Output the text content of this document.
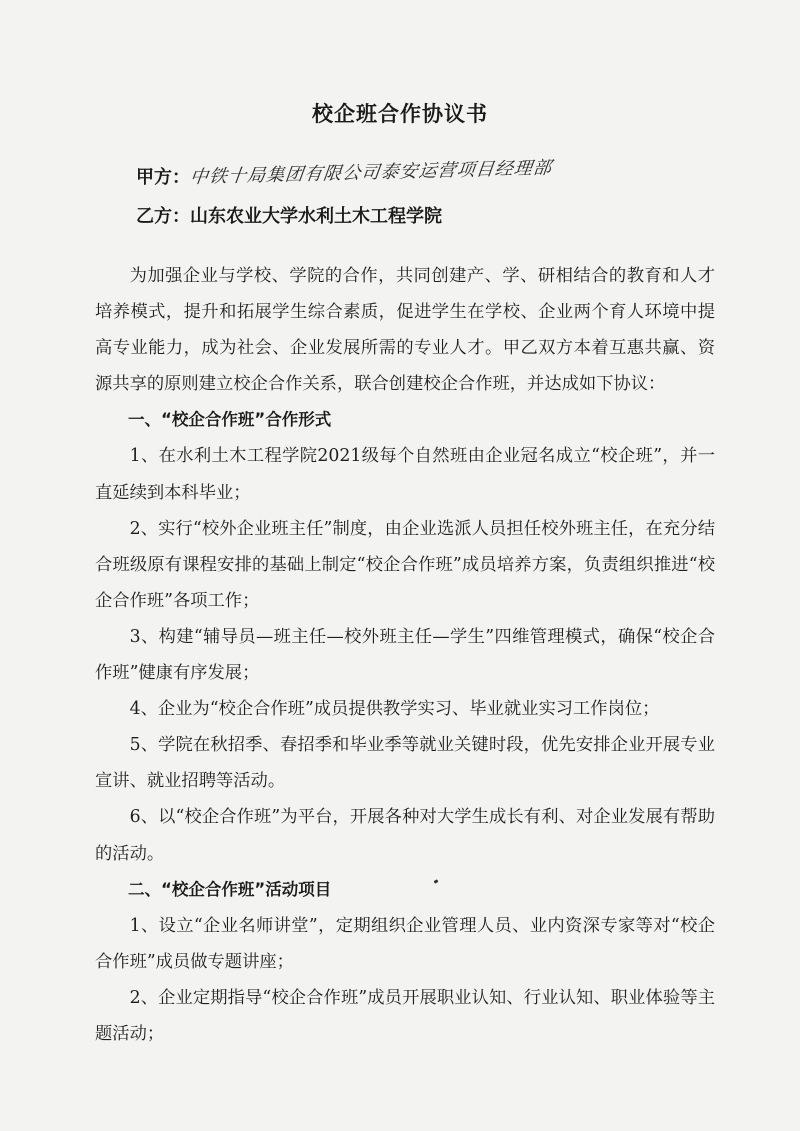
校企班合作协议书
甲方：中铁十局集团有限公司泰安运营项目经理部
乙方：山东农业大学水利土木工程学院

为加强企业与学校、学院的合作，共同创建产、学、研相结合的教育和人才培养模式，提升和拓展学生综合素质，促进学生在学校、企业两个育人环境中提高专业能力，成为社会、企业发展所需的专业人才。甲乙双方本着互惠共赢、资源共享的原则建立校企合作关系，联合创建校企合作班，并达成如下协议：

一、“校企合作班”合作形式

1、在水利土木工程学院2021级每个自然班由企业冠名成立“校企班”，并一直延续到本科毕业；

2、实行“校外企业班主任”制度，由企业选派人员担任校外班主任，在充分结合班级原有课程安排的基础上制定“校企合作班”成员培养方案，负责组织推进“校企合作班”各项工作；

3、构建“辅导员—班主任—校外班主任—学生”四维管理模式，确保“校企合作班”健康有序发展；

4、企业为“校企合作班”成员提供教学实习、毕业就业实习工作岗位；

5、学院在秋招季、春招季和毕业季等就业关键时段，优先安排企业开展专业宣讲、就业招聘等活动。

6、以“校企合作班”为平台，开展各种对大学生成长有利、对企业发展有帮助的活动。

二、“校企合作班”活动项目

1、设立“企业名师讲堂”，定期组织企业管理人员、业内资深专家等对“校企合作班”成员做专题讲座；

2、企业定期指导“校企合作班”成员开展职业认知、行业认知、职业体验等主题活动；
